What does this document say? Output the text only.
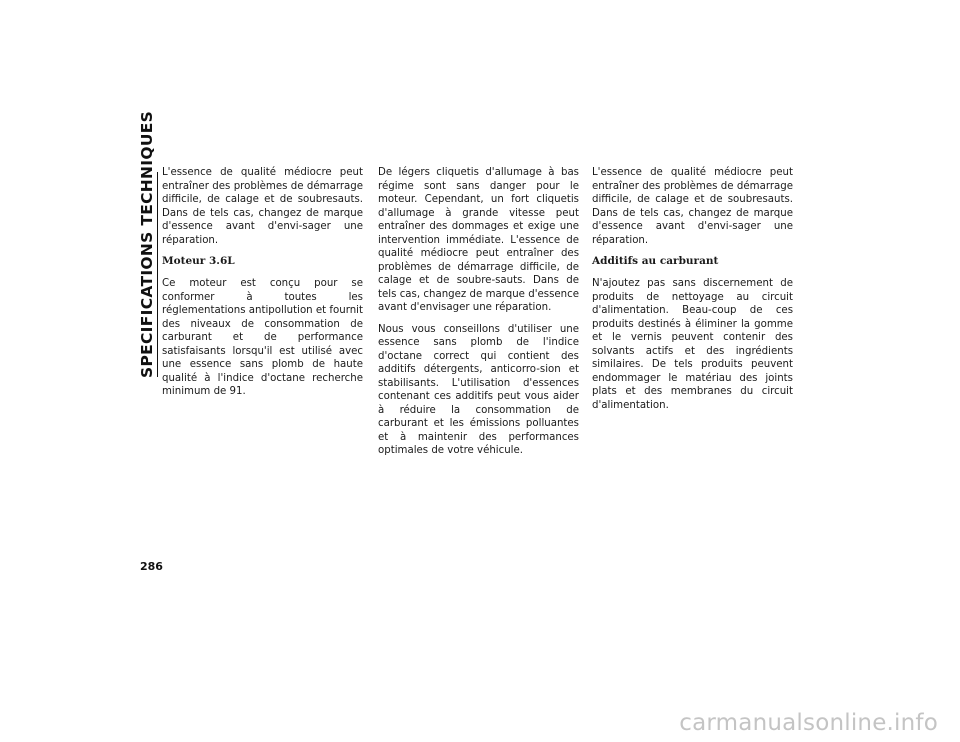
SPECIFICATIONS TECHNIQUES
286

L'essence de qualité médiocre peut entraîner des problèmes de démarrage difficile, de calage et de soubresauts. Dans de tels cas, changez de marque d'essence avant d'envi-sager une réparation.

Moteur 3.6L

Ce moteur est conçu pour se conformer à toutes les réglementations antipollution et fournit des niveaux de consommation de carburant et de performance satisfaisants lorsqu'il est utilisé avec une essence sans plomb de haute qualité à l'indice d'octane recherche minimum de 91.

De légers cliquetis d'allumage à bas régime sont sans danger pour le moteur. Cependant, un fort cliquetis d'allumage à grande vitesse peut entraîner des dommages et exige une intervention immédiate. L'essence de qualité médiocre peut entraîner des problèmes de démarrage difficile, de calage et de soubre-sauts. Dans de tels cas, changez de marque d'essence avant d'envisager une réparation.

Nous vous conseillons d'utiliser une essence sans plomb de l'indice d'octane correct qui contient des additifs détergents, anticorro-sion et stabilisants. L'utilisation d'essences contenant ces additifs peut vous aider à réduire la consommation de carburant et les émissions polluantes et à maintenir des performances optimales de votre véhicule.

L'essence de qualité médiocre peut entraîner des problèmes de démarrage difficile, de calage et de soubresauts. Dans de tels cas, changez de marque d'essence avant d'envi-sager une réparation.

Additifs au carburant

N'ajoutez pas sans discernement de produits de nettoyage au circuit d'alimentation. Beau-coup de ces produits destinés à éliminer la gomme et le vernis peuvent contenir des solvants actifs et des ingrédients similaires. De tels produits peuvent endommager le matériau des joints plats et des membranes du circuit d'alimentation.

carmanualsonline.info
